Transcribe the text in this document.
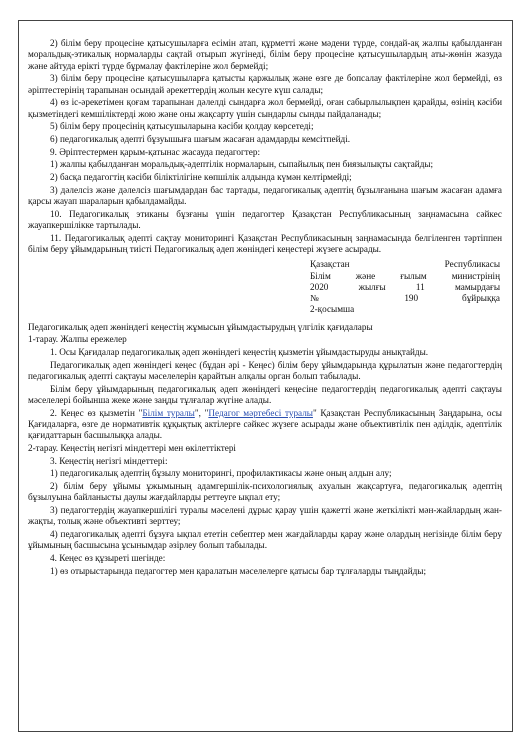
2) білім беру процесіне қатысушыларға есімін атап, құрметті және мәдени түрде, сондай-ақ жалпы қабылданған моральдық-этикалық нормаларды сақтай отырып жүгінеді, білім беру процесіне қатысушылардың аты-жөнін жазуда және айтуда ерікті түрде бұрмалау фактілеріне жол бермейді;

3) білім беру процесіне қатысушыларға қатысты қаржылық және өзге де бопсалау фактілеріне жол бермейді, өз әріптестерінің тарапынан осындай әрекеттердің жолын кесуге күш салады;

4) өз іс-әрекетімен қоғам тарапынан дәлелді сындарға жол бермейді, оған сабырлылықпен қарайды, өзінің кәсіби қызметіндегі кемшіліктерді жою және оны жақсарту үшін сындарлы сынды пайдаланады;

5) білім беру процесінің қатысушыларына кәсіби қолдау көрсетеді;

6) педагогикалық әдепті бұзуышыға шағым жасаған адамдарды кемсітпейді.

9. Әріптестермен қарым-қатынас жасауда педагогтер:

1) жалпы қабылданған моральдық-әдептілік нормаларын, сыпайылық пен биязылықты сақтайды;

2) басқа педагогтің кәсіби біліктілігіне көпшілік алдында күмән келтірмейді;

3) дәлелсіз және дәлелсіз шағымдардан бас тартады, педагогикалық әдептің бұзылғанына шағым жасаған адамға қарсы жауап шараларын қабылдамайды.

10. Педагогикалық этиканы бұзғаны үшін педагогтер Қазақстан Республикасының заңнамасына сәйкес жауапкершілікке тартылады.

11. Педагогикалық әдепті сақтау мониторингі Қазақстан Республикасының заңнамасында белгіленген тәртіппен білім беру ұйымдарының тиісті Педагогикалық әдеп жөніндегі кеңестері жүзеге асырады.

Қазақстан Республикасы
Білім және ғылым министрінің
2020 жылғы 11 мамырдағы
№ 190 бұйрыққа
2-қосымша

Педагогикалық әдеп жөніндегі кеңестің жұмысын ұйымдастырудың үлгілік қағидалары

1-тарау. Жалпы ережелер

1. Осы Қағидалар педагогикалық әдеп жөніндегі кеңестің қызметін ұйымдастыруды анықтайды.

Педагогикалық әдеп жөніндегі кеңес (бұдан әрі - Кеңес) білім беру ұйымдарында құрылатын және педагогтердің педагогикалық әдепті сақтауы мәселелерін қарайтын алқалы орган болып табылады.

Білім беру ұйымдарының педагогикалық әдеп жөніндегі кеңесіне педагогтердің педагогикалық әдепті сақтауы мәселелері бойынша жеке және заңды тұлғалар жүгіне алады.

2. Кеңес өз қызметін "Білім туралы", "Педагог мәртебесі туралы" Қазақстан Республикасының Заңдарына, осы Қағидаларға, өзге де нормативтік құқықтық актілерге сәйкес жүзеге асырады және объективтілік пен әділдік, әдептілік қағидаттарын басшылыққа алады.

2-тарау. Кеңестің негізгі міндеттері мен өкілеттіктері

3. Кеңестің негізгі міндеттері:

1) педагогикалық әдептің бұзылу мониторингі, профилактикасы және оның алдын алу;

2) білім беру ұйымы ұжымының адамгершілік-психологиялық ахуалын жақсартуға, педагогикалық әдептің бұзылуына байланысты даулы жағдайларды реттеуге ықпал ету;

3) педагогтердің жауапкершілігі туралы мәселені дұрыс қарау үшін қажетті және жеткілікті мән-жайлардың жан-жақты, толық және объективті зерттеу;

4) педагогикалық әдепті бұзуға ықпал ететін себептер мен жағдайларды қарау және олардың негізінде білім беру ұйымының басшысына ұсынымдар әзірлеу болып табылады.

4. Кеңес өз құзыреті шегінде:

1) өз отырыстарында педагогтер мен қаралатын мәселелерге қатысы бар тұлғаларды тыңдайды;
